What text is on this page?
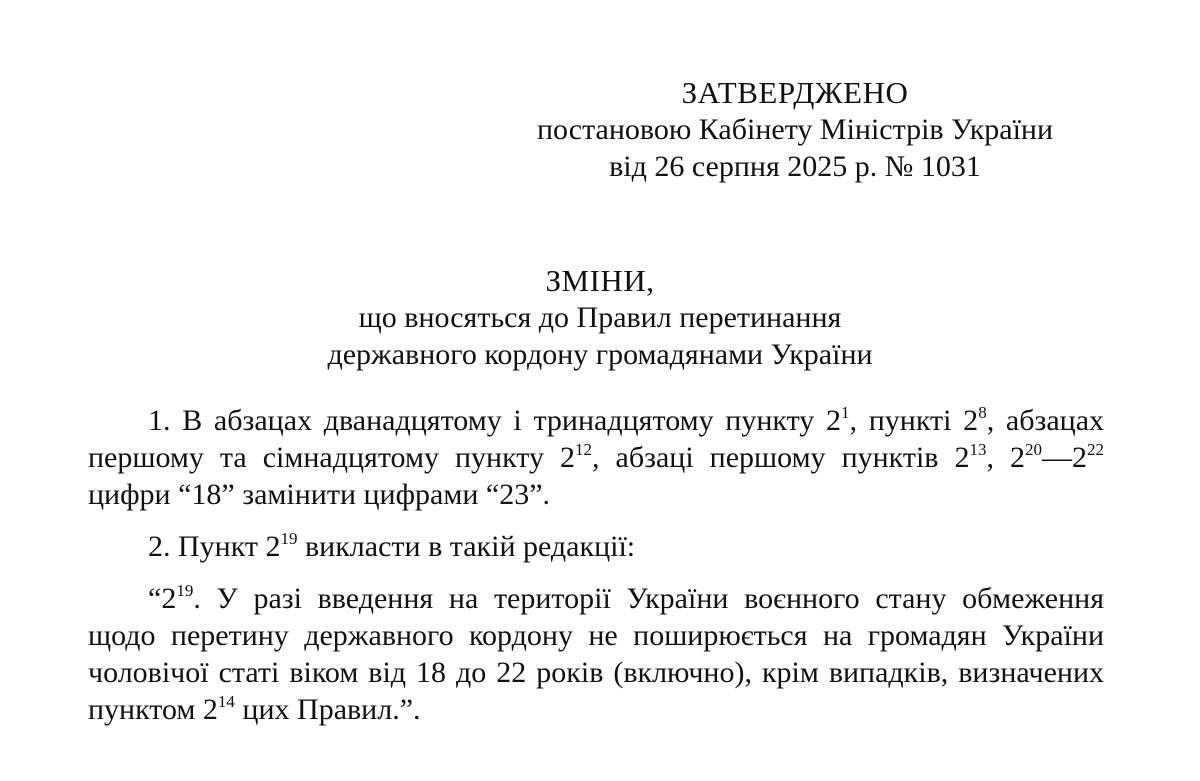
ЗАТВЕРДЖЕНО
постановою Кабінету Міністрів України
від 26 серпня 2025 р. № 1031
ЗМІНИ,
що вносяться до Правил перетинання
державного кордону громадянами України

1. В абзацах дванадцятому і тринадцятому пункту $2^1$, пункті $2^8$, абзацах першому та сімнадцятому пункту $2^{12}$, абзаці першому пунктів $2^{13}$, $2^{20}—2^{22}$ цифри “18” замінити цифрами “23”.

2. Пункт $2^{19}$ викласти в такій редакції:

“$2^{19}$. У разі введення на території України воєнного стану обмеження щодо перетину державного кордону не поширюється на громадян України чоловічої статі віком від 18 до 22 років (включно), крім випадків, визначених пунктом $2^{14}$ цих Правил.”.
